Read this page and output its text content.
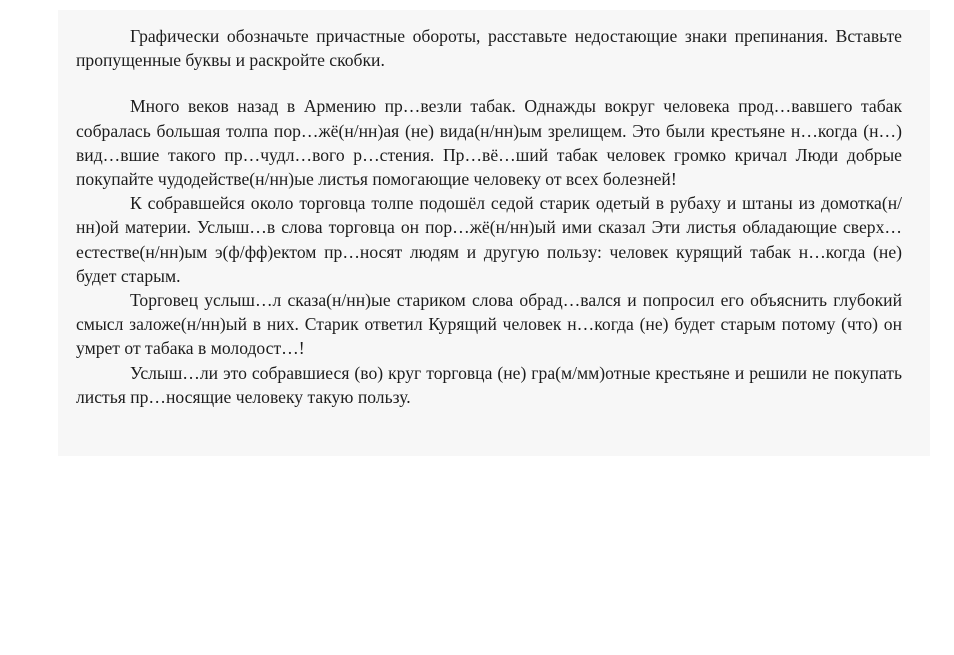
Графически обозначьте причастные обороты, расставьте недостающие знаки препинания. Вставьте пропущенные буквы и раскройте скобки.

Много веков назад в Армению пр…везли табак. Однажды вокруг человека прод…вавшего табак собралась большая толпа пор…жё(н/нн)ая (не) вида(н/нн)ым зрелищем. Это были крестьяне н…когда (н…) вид…вшие такого пр…чудл…вого р…стения. Пр…вё…ший табак человек громко кричал Люди добрые покупайте чудодействе(н/нн)ые листья помогающие человеку от всех болезней!

К собравшейся около торговца толпе подошёл седой старик одетый в рубаху и штаны из домотка(н/нн)ой материи. Услыш…в слова торговца он пор…жё(н/нн)ый ими сказал Эти листья обладающие сверх…естестве(н/нн)ым э(ф/фф)ектом пр…носят людям и другую пользу: человек курящий табак н…когда (не) будет старым.

Торговец услыш…л сказа(н/нн)ые стариком слова обрад…вался и попросил его объяснить глубокий смысл заложе(н/нн)ый в них. Старик ответил Курящий человек н…когда (не) будет старым потому (что) он умрет от табака в молодост…!

Услыш…ли это собравшиеся (во) круг торговца (не) гра(м/мм)отные крестьяне и решили не покупать листья пр…носящие человеку такую пользу.
